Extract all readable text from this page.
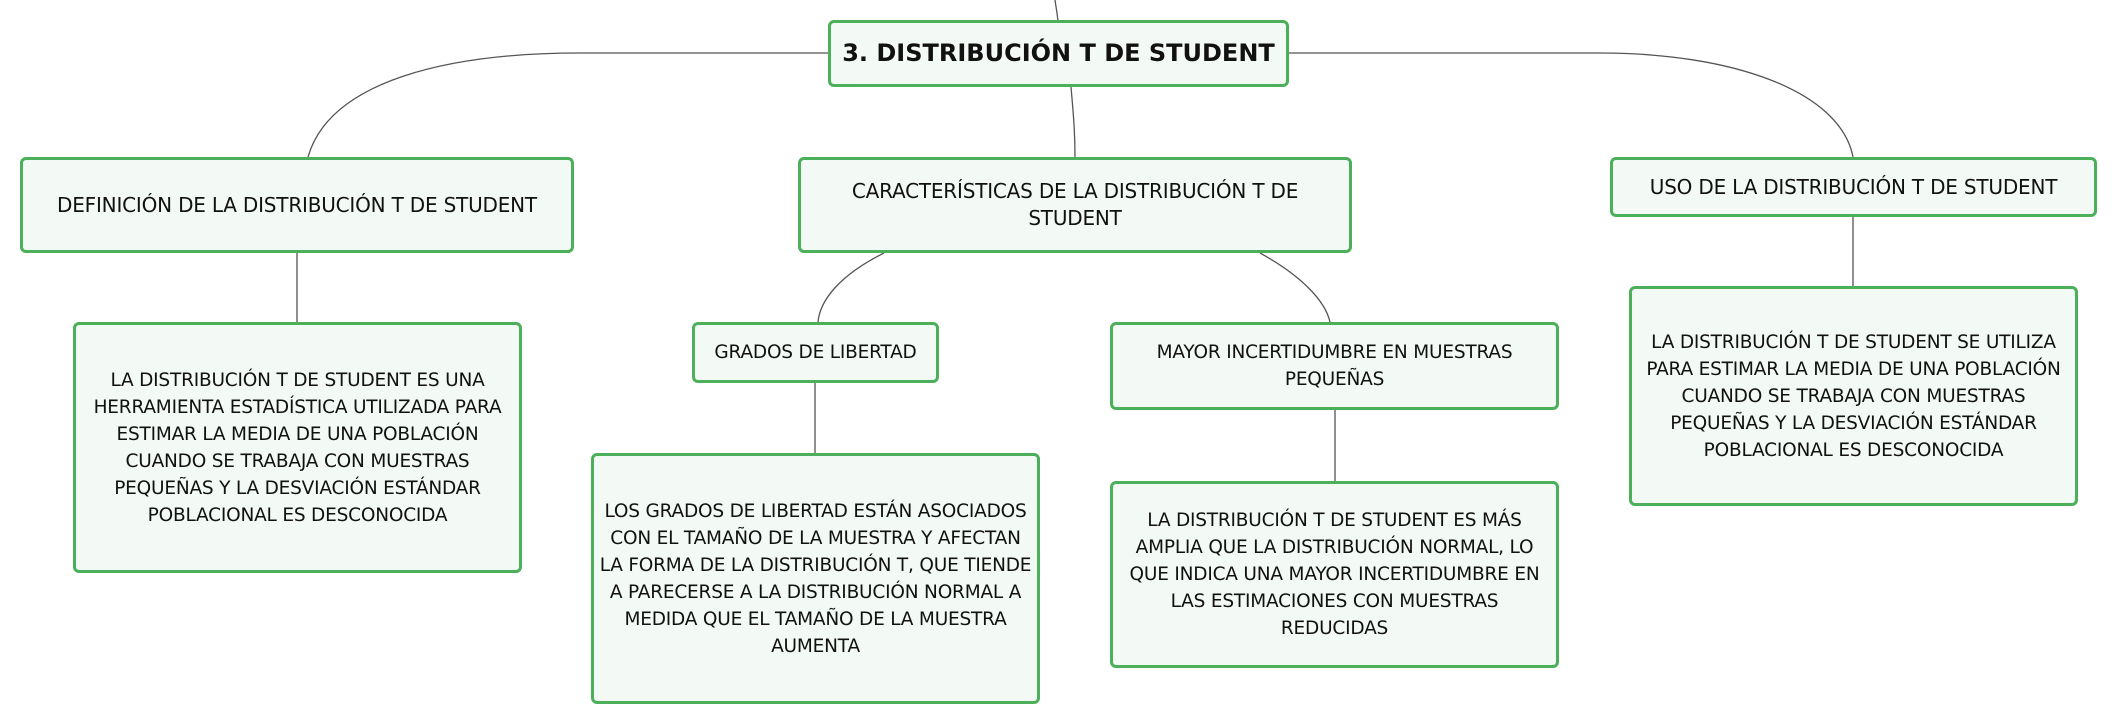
3. DISTRIBUCIÓN T DE STUDENT
DEFINICIÓN DE LA DISTRIBUCIÓN T DE STUDENT
LA DISTRIBUCIÓN T DE STUDENT ES UNA HERRAMIENTA ESTADÍSTICA UTILIZADA PARA ESTIMAR LA MEDIA DE UNA POBLACIÓN CUANDO SE TRABAJA CON MUESTRAS PEQUEÑAS Y LA DESVIACIÓN ESTÁNDAR POBLACIONAL ES DESCONOCIDA
CARACTERÍSTICAS DE LA DISTRIBUCIÓN T DE STUDENT
GRADOS DE LIBERTAD
LOS GRADOS DE LIBERTAD ESTÁN ASOCIADOS CON EL TAMAÑO DE LA MUESTRA Y AFECTAN LA FORMA DE LA DISTRIBUCIÓN T, QUE TIENDE A PARECERSE A LA DISTRIBUCIÓN NORMAL A MEDIDA QUE EL TAMAÑO DE LA MUESTRA AUMENTA
MAYOR INCERTIDUMBRE EN MUESTRAS PEQUEÑAS
LA DISTRIBUCIÓN T DE STUDENT ES MÁS AMPLIA QUE LA DISTRIBUCIÓN NORMAL, LO QUE INDICA UNA MAYOR INCERTIDUMBRE EN LAS ESTIMACIONES CON MUESTRAS REDUCIDAS
USO DE LA DISTRIBUCIÓN T DE STUDENT
LA DISTRIBUCIÓN T DE STUDENT SE UTILIZA PARA ESTIMAR LA MEDIA DE UNA POBLACIÓN CUANDO SE TRABAJA CON MUESTRAS PEQUEÑAS Y LA DESVIACIÓN ESTÁNDAR POBLACIONAL ES DESCONOCIDA
